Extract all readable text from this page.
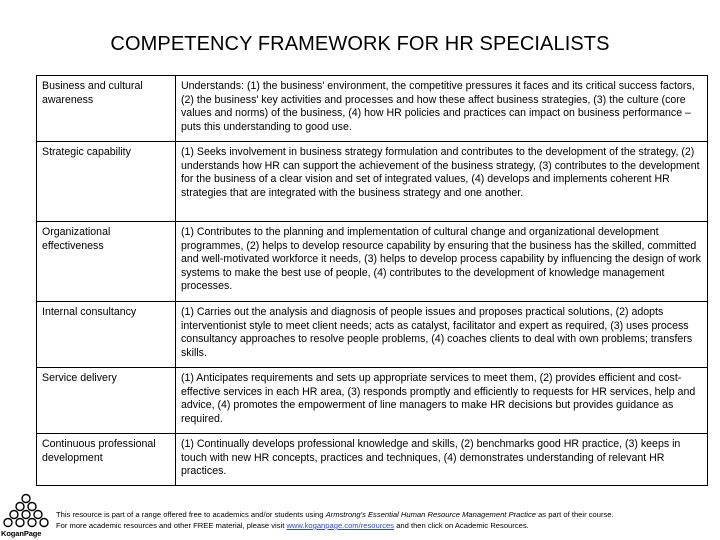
COMPETENCY FRAMEWORK FOR HR SPECIALISTS
Business and cultural awareness	Understands: (1) the business' environment, the competitive pressures it faces and its critical success factors, (2) the business' key activities and processes and how these affect business strategies, (3) the culture (core values and norms) of the business, (4) how HR policies and practices can impact on business performance – puts this understanding to good use.
Strategic capability	(1) Seeks involvement in business strategy formulation and contributes to the development of the strategy, (2) understands how HR can support the achievement of the business strategy, (3) contributes to the development for the business of a clear vision and set of integrated values, (4) develops and implements coherent HR strategies that are integrated with the business strategy and one another.
Organizational effectiveness	(1) Contributes to the planning and implementation of cultural change and organizational development programmes, (2) helps to develop resource capability by ensuring that the business has the skilled, committed and well-motivated workforce it needs, (3) helps to develop process capability by influencing the design of work systems to make the best use of people, (4) contributes to the development of knowledge management processes.
Internal consultancy	(1) Carries out the analysis and diagnosis of people issues and proposes practical solutions, (2) adopts interventionist style to meet client needs; acts as catalyst, facilitator and expert as required, (3) uses process consultancy approaches to resolve people problems, (4) coaches clients to deal with own problems; transfers skills.
Service delivery	(1) Anticipates requirements and sets up appropriate services to meet them, (2) provides efficient and cost-effective services in each HR area, (3) responds promptly and efficiently to requests for HR services, help and advice, (4) promotes the empowerment of line managers to make HR decisions but provides guidance as required.
Continuous professional development	(1) Continually develops professional knowledge and skills, (2) benchmarks good HR practice, (3) keeps in touch with new HR concepts, practices and techniques, (4) demonstrates understanding of relevant HR practices.
KoganPage
This resource is part of a range offered free to academics and/or students using Armstrong's Essential Human Resource Management Practice as part of their course.
For more academic resources and other FREE material, please visit www.koganpage.com/resources and then click on Academic Resources.
